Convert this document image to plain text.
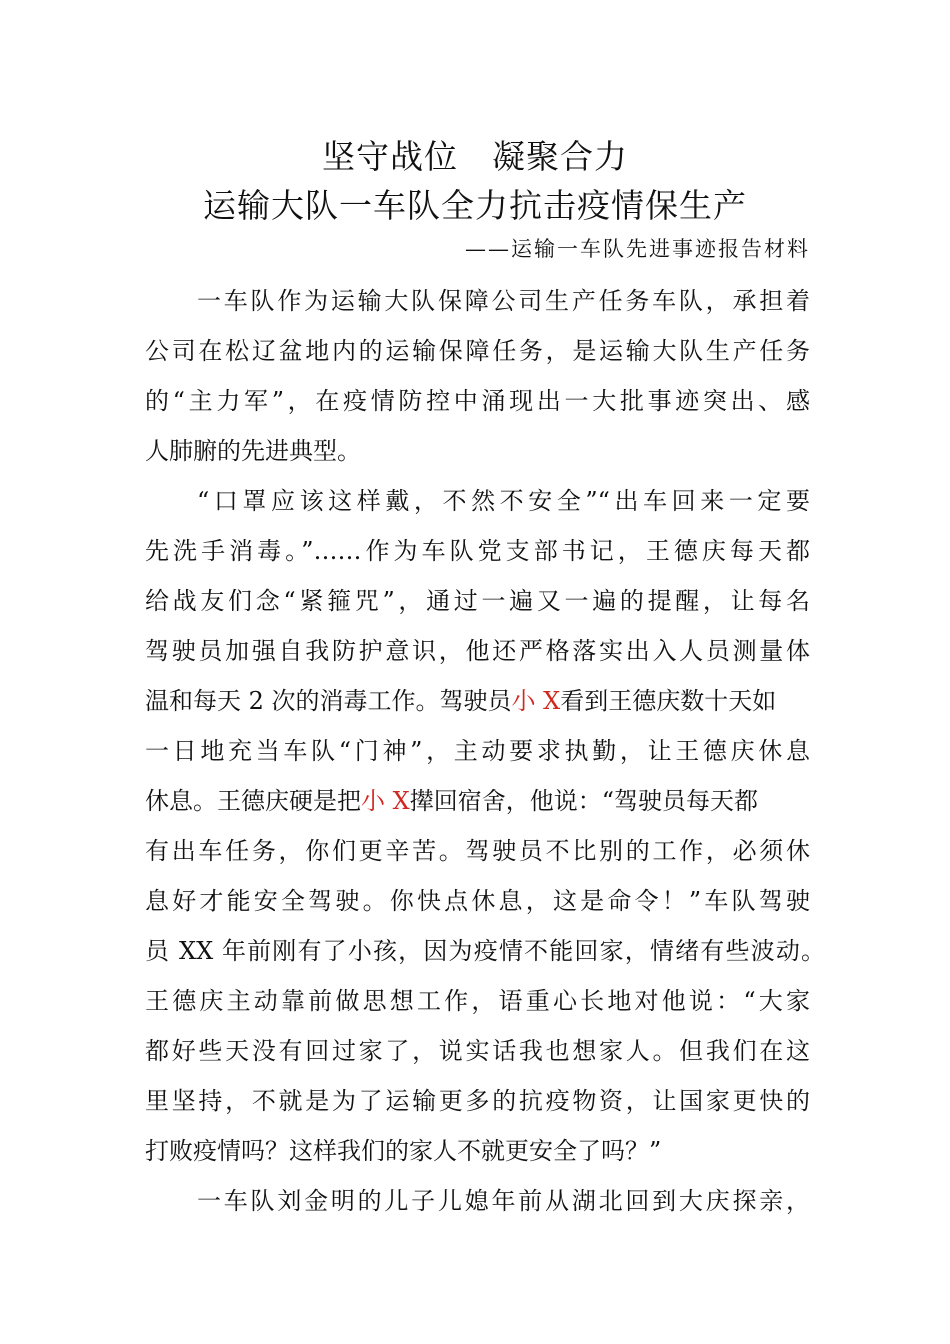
坚守战位　凝聚合力
运输大队一车队全力抗击疫情保生产
——运输一车队先进事迹报告材料
一车队作为运输大队保障公司生产任务车队，承担着
公司在松辽盆地内的运输保障任务，是运输大队生产任务
的“主力军”，在疫情防控中涌现出一大批事迹突出、感
人肺腑的先进典型。
“口罩应该这样戴，不然不安全”“出车回来一定要
先洗手消毒。”……作为车队党支部书记，王德庆每天都
给战友们念“紧箍咒”，通过一遍又一遍的提醒，让每名
驾驶员加强自我防护意识，他还严格落实出入人员测量体
温和每天 2 次的消毒工作。驾驶员小 X看到王德庆数十天如
一日地充当车队“门神”，主动要求执勤，让王德庆休息
休息。王德庆硬是把小 X撵回宿舍，他说：“驾驶员每天都
有出车任务，你们更辛苦。驾驶员不比别的工作，必须休
息好才能安全驾驶。你快点休息，这是命令！”车队驾驶
员 XX 年前刚有了小孩，因为疫情不能回家，情绪有些波动。
王德庆主动靠前做思想工作，语重心长地对他说：“大家
都好些天没有回过家了，说实话我也想家人。但我们在这
里坚持，不就是为了运输更多的抗疫物资，让国家更快的
打败疫情吗？这样我们的家人不就更安全了吗？”
一车队刘金明的儿子儿媳年前从湖北回到大庆探亲，
